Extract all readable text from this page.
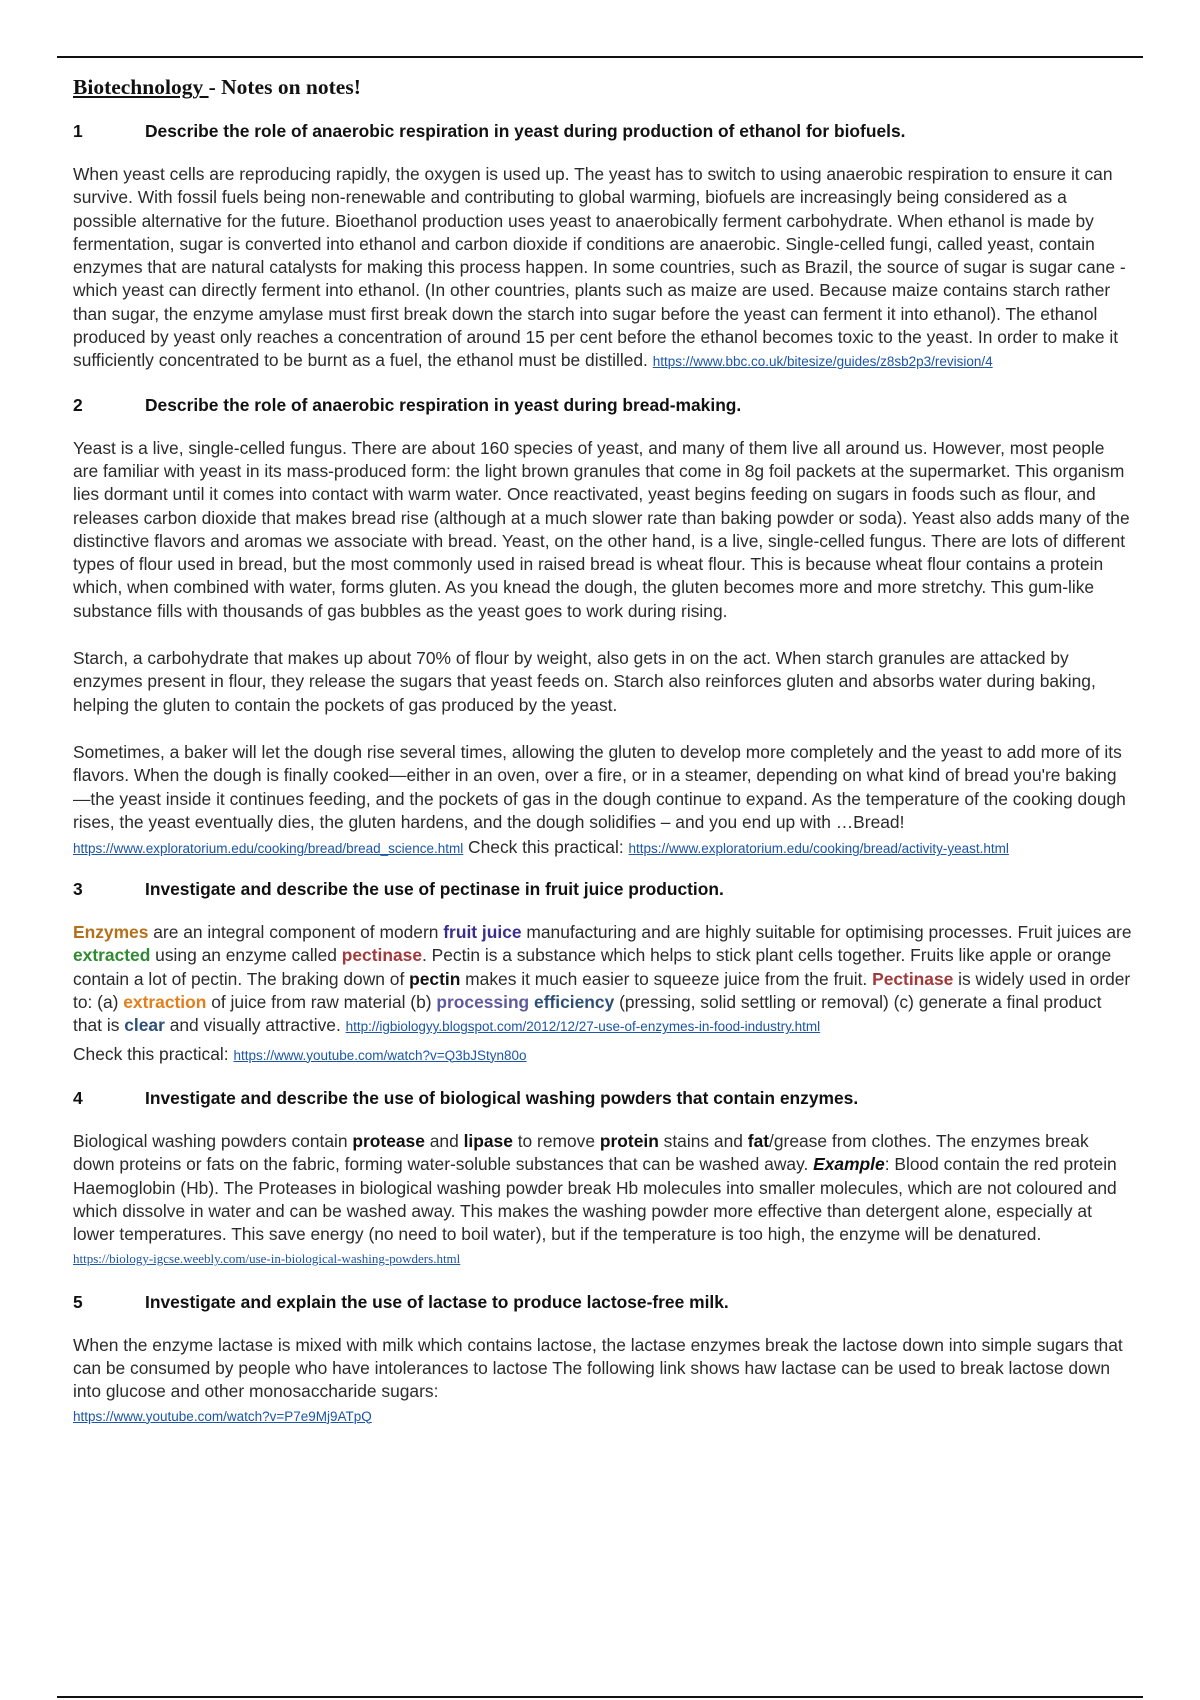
Biotechnology - Notes on notes!
1	Describe the role of anaerobic respiration in yeast during production of ethanol for biofuels.

When yeast cells are reproducing rapidly, the oxygen is used up. The yeast has to switch to using anaerobic respiration to ensure it can survive. With fossil fuels being non-renewable and contributing to global warming, biofuels are increasingly being considered as a possible alternative for the future. Bioethanol production uses yeast to anaerobically ferment carbohydrate. When ethanol is made by fermentation, sugar is converted into ethanol and carbon dioxide if conditions are anaerobic. Single-celled fungi, called yeast, contain enzymes that are natural catalysts for making this process happen. In some countries, such as Brazil, the source of sugar is sugar cane - which yeast can directly ferment into ethanol. (In other countries, plants such as maize are used. Because maize contains starch rather than sugar, the enzyme amylase must first break down the starch into sugar before the yeast can ferment it into ethanol). The ethanol produced by yeast only reaches a concentration of around 15 per cent before the ethanol becomes toxic to the yeast. In order to make it sufficiently concentrated to be burnt as a fuel, the ethanol must be distilled. https://www.bbc.co.uk/bitesize/guides/z8sb2p3/revision/4

2	Describe the role of anaerobic respiration in yeast during bread-making.

Yeast is a live, single-celled fungus. There are about 160 species of yeast, and many of them live all around us. However, most people are familiar with yeast in its mass-produced form: the light brown granules that come in 8g foil packets at the supermarket. This organism lies dormant until it comes into contact with warm water. Once reactivated, yeast begins feeding on sugars in foods such as flour, and releases carbon dioxide that makes bread rise (although at a much slower rate than baking powder or soda). Yeast also adds many of the distinctive flavors and aromas we associate with bread. Yeast, on the other hand, is a live, single-celled fungus. There are lots of different types of flour used in bread, but the most commonly used in raised bread is wheat flour. This is because wheat flour contains a protein which, when combined with water, forms gluten. As you knead the dough, the gluten becomes more and more stretchy. This gum-like substance fills with thousands of gas bubbles as the yeast goes to work during rising.

Starch, a carbohydrate that makes up about 70% of flour by weight, also gets in on the act. When starch granules are attacked by enzymes present in flour, they release the sugars that yeast feeds on. Starch also reinforces gluten and absorbs water during baking, helping the gluten to contain the pockets of gas produced by the yeast.

Sometimes, a baker will let the dough rise several times, allowing the gluten to develop more completely and the yeast to add more of its flavors. When the dough is finally cooked—either in an oven, over a fire, or in a steamer, depending on what kind of bread you're baking—the yeast inside it continues feeding, and the pockets of gas in the dough continue to expand. As the temperature of the cooking dough rises, the yeast eventually dies, the gluten hardens, and the dough solidifies – and you end up with …Bread!

https://www.exploratorium.edu/cooking/bread/bread_science.html Check this practical: https://www.exploratorium.edu/cooking/bread/activity-yeast.html

3	Investigate and describe the use of pectinase in fruit juice production.

Enzymes are an integral component of modern fruit juice manufacturing and are highly suitable for optimising processes. Fruit juices are extracted using an enzyme called pectinase. Pectin is a substance which helps to stick plant cells together. Fruits like apple or orange contain a lot of pectin. The braking down of pectin makes it much easier to squeeze juice from the fruit. Pectinase is widely used in order to: (a) extraction of juice from raw material (b) processing efficiency (pressing, solid settling or removal) (c) generate a final product that is clear and visually attractive. http://igbiologyy.blogspot.com/2012/12/27-use-of-enzymes-in-food-industry.html

Check this practical: https://www.youtube.com/watch?v=Q3bJStyn80o

4	Investigate and describe the use of biological washing powders that contain enzymes.

Biological washing powders contain protease and lipase to remove protein stains and fat/grease from clothes. The enzymes break down proteins or fats on the fabric, forming water-soluble substances that can be washed away. Example: Blood contain the red protein Haemoglobin (Hb). The Proteases in biological washing powder break Hb molecules into smaller molecules, which are not coloured and which dissolve in water and can be washed away. This makes the washing powder more effective than detergent alone, especially at lower temperatures. This save energy (no need to boil water), but if the temperature is too high, the enzyme will be denatured.
https://biology-igcse.weebly.com/use-in-biological-washing-powders.html

5	Investigate and explain the use of lactase to produce lactose-free milk.

When the enzyme lactase is mixed with milk which contains lactose, the lactase enzymes break the lactose down into simple sugars that can be consumed by people who have intolerances to lactose The following link shows haw lactase can be used to break lactose down into glucose and other monosaccharide sugars:
https://www.youtube.com/watch?v=P7e9Mj9ATpQ
